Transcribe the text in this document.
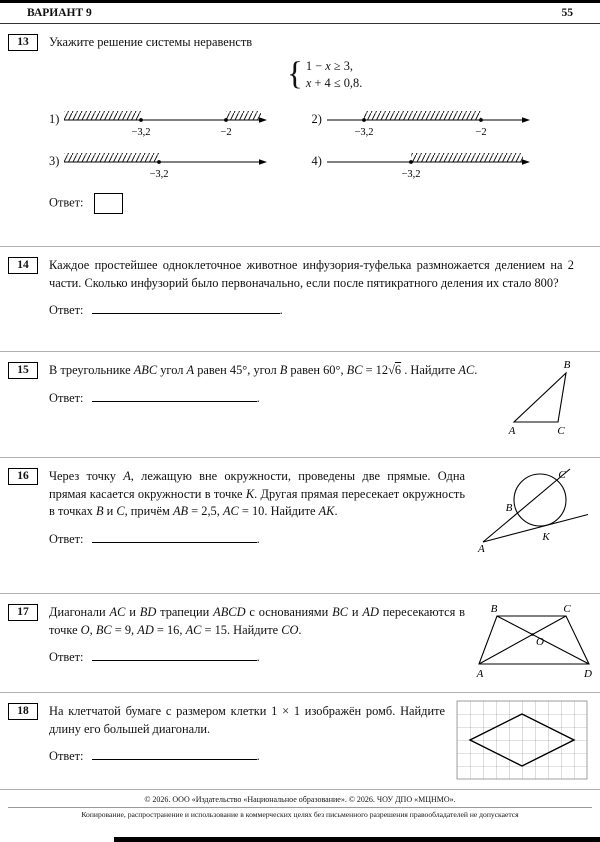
ВАРИАНТ 9	55
13	Укажите решение системы неравенств
{ 1 − x ≥ 3,
x + 4 ≤ 0,8.
1)
−3,2	−2
2)
−3,2	−2
3)
−3,2
4)
−3,2
Ответ:
14	Каждое простейшее одноклеточное животное инфузория-туфелька размножается делением на 2 части. Сколько инфузорий было первоначально, если после пятикратного деления их стало 800?
Ответ:	.
15	В треугольнике ABC угол A равен 45°, угол B равен 60°, BC = 12√6 . Найдите AC.
Ответ:	.
B
A	C
16	Через точку A, лежащую вне окружности, проведены две прямые. Одна прямая касается окружности в точке K. Другая прямая пересекает окружность в точках B и C, причём AB = 2,5, AC = 10. Найдите AK.
Ответ:	.
A
B
C
K
17	Диагонали AC и BD трапеции ABCD с основаниями BC и AD пересекаются в точке O, BC = 9, AD = 16, AC = 15. Найдите CO.
Ответ:	.
B	C
A	D
O
18	На клетчатой бумаге с размером клетки 1 × 1 изображён ромб. Найдите длину его большей диагонали.
Ответ:	.
© 2026. ООО «Издательство «Национальное образование». © 2026. ЧОУ ДПО «МЦНМО».
Копирование, распространение и использование в коммерческих целях без письменного разрешения правообладателей не допускается
